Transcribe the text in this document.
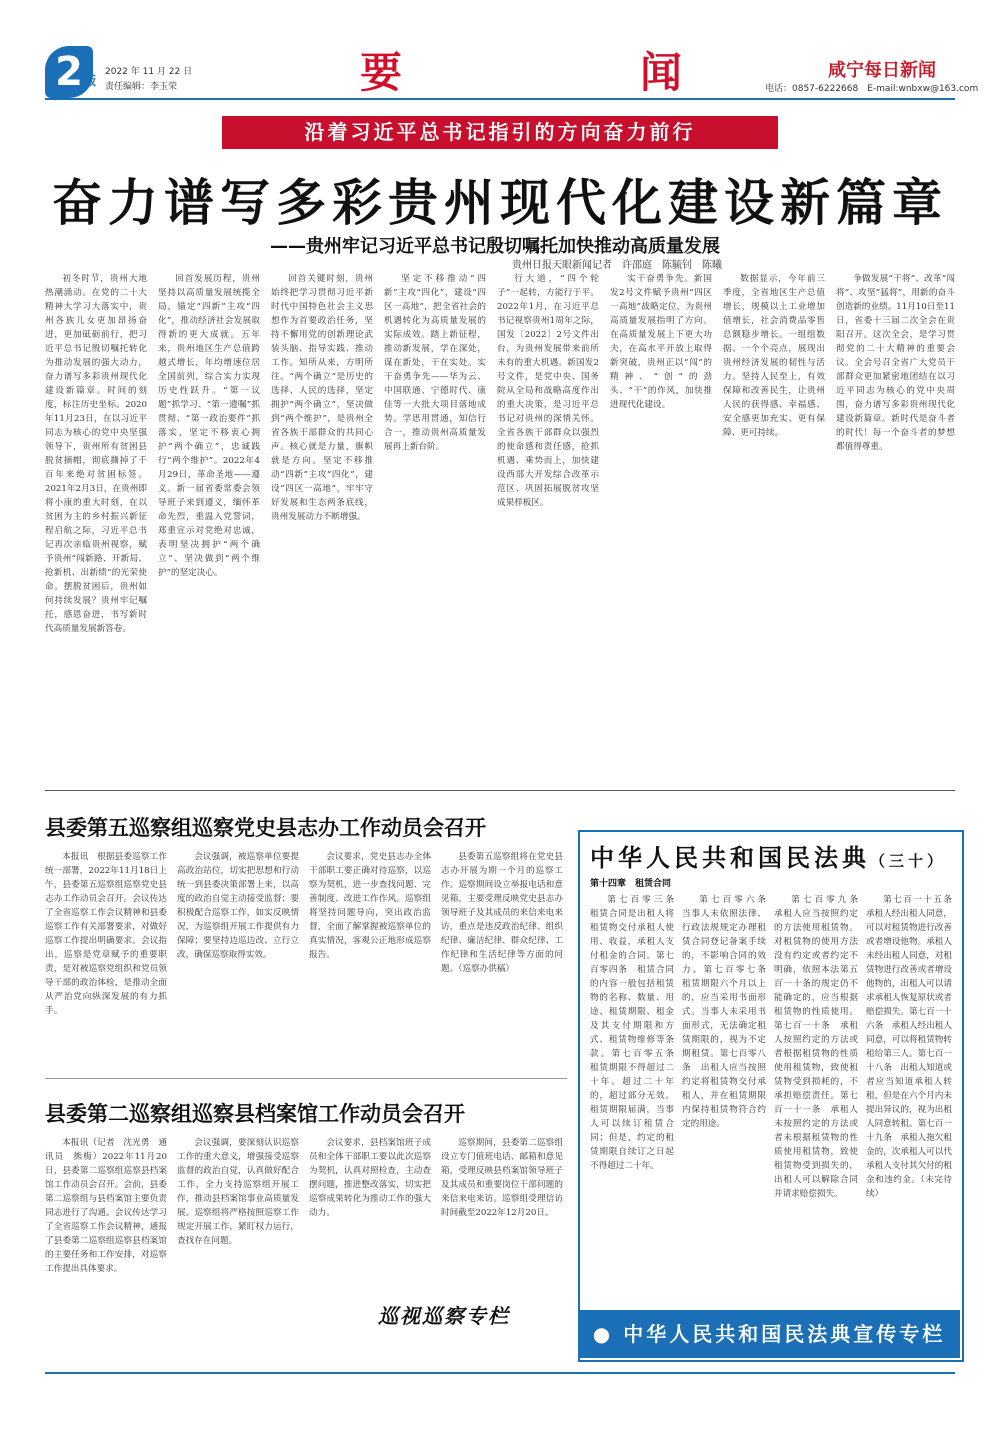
2 版
2022 年 11 月 22 日
责任编辑：李玉荣	要	闻	咸宁每日新闻
电话：0857-6222668　E-mail:wnbxw@163.com
沿着习近平总书记指引的方向奋力前行
奋力谱写多彩贵州现代化建设新篇章
——贵州牢记习近平总书记殷切嘱托加快推动高质量发展
贵州日报天眼新闻记者　许邵庭　陈毓钊　陈曦

初冬时节，贵州大地热潮涌动。在党的二十大精神大学习大落实中，贵州各族儿女更加昂扬奋进，更加砥砺前行，把习近平总书记殷切嘱托转化为推动发展的强大动力，奋力谱写多彩贵州现代化建设新篇章。时间的刻度，标注历史坐标。2020年11月23日，在以习近平同志为核心的党中央坚强领导下，贵州所有贫困县脱贫摘帽，彻底撕掉了千百年来绝对贫困标签。2021年2月3日，在贵州即将小康的重大时刻，在以贫困为主的乡村振兴新征程启航之际，习近平总书记再次亲临贵州视察，赋予贵州“闯新路、开新局、抢新机、出新绩”的光荣使命。摆脱贫困后，贵州如何持续发展？贵州牢记嘱托，感恩奋进，书写新时代高质量发展新答卷。

回首发展历程，贵州坚持以高质量发展统揽全局，锚定“四新”主攻“四化”，推动经济社会发展取得新的更大成就。五年来，贵州地区生产总值跨越式增长，年均增速位居全国前列，综合实力实现历史性跃升。“第一议题”抓学习、“第一遗嘱”抓贯彻、“第一政治要件”抓落实，坚定不移衷心拥护“两个确立”，忠诚践行“两个维护”。2022年4月29日，革命圣地——遵义。新一届省委常委会领导班子来到遵义，缅怀革命先烈，重温入党誓词，郑重宣示对党绝对忠诚，表明坚决拥护“两个确立”、坚决做到“两个维护”的坚定决心。

回首关键时刻，贵州始终把学习贯彻习近平新时代中国特色社会主义思想作为首要政治任务，坚持不懈用党的创新理论武装头脑、指导实践、推动工作。知所从来，方明所往。“两个确立”是历史的选择、人民的选择，坚定拥护“两个确立”，坚决做到“两个维护”，是贵州全省各族干部群众的共同心声。核心就是力量，旗帜就是方向。坚定不移推动“四新”主攻“四化”，建设“四区一高地”，牢牢守好发展和生态两条底线，贵州发展动力不断增强。

坚定不移推动“四新”主攻“四化”，建设“四区一高地”，把全省社会的机遇转化为高质量发展的实际成效。踏上新征程，推动新发展，学在深处，谋在新处，干在实处。实干奋勇争先——华为云、中国联通、宁德时代、康佳等一大批大项目落地成势。学思用贯通，知信行合一，推动贵州高质量发展再上新台阶。

行大道，“四个轮子”一起转，方能行于平。2022年1月，在习近平总书记视察贵州1周年之际，国发〔2022〕2号文件出台，为贵州发展带来前所未有的重大机遇。新国发2号文件，是党中央、国务院从全局和战略高度作出的重大决策，是习近平总书记对贵州的深情关怀。全省各族干部群众以强烈的使命感和责任感，抢抓机遇、乘势而上，加快建设西部大开发综合改革示范区、巩固拓展脱贫攻坚成果样板区。

实干奋勇争先。新国发2号文件赋予贵州“四区一高地”战略定位，为贵州高质量发展指明了方向。在高质量发展上下更大功夫，在高水平开放上取得新突破，贵州正以“闯”的精神、“创”的劲头、“干”的作风，加快推进现代化建设。

数据显示，今年前三季度，全省地区生产总值增长，规模以上工业增加值增长，社会消费品零售总额稳步增长。一组组数据、一个个亮点，展现出贵州经济发展的韧性与活力。坚持人民至上，有效保障和改善民生，让贵州人民的获得感、幸福感、安全感更加充实、更有保障、更可持续。

争做发展“干将”、改革“闯将”、攻坚“猛将”，用新的奋斗创造新的业绩。11月10日至11日，省委十三届二次全会在贵阳召开。这次全会，是学习贯彻党的二十大精神的重要会议。全会号召全省广大党员干部群众更加紧密地团结在以习近平同志为核心的党中央周围，奋力谱写多彩贵州现代化建设新篇章。新时代是奋斗者的时代！每一个奋斗者的梦想都值得尊重。

县委第五巡察组巡察党史县志办工作动员会召开

本报讯　根据县委巡察工作统一部署，2022年11月18日上午，县委第五巡察组巡察党史县志办工作动员会召开。会议传达了全省巡察工作会议精神和县委巡察工作有关部署要求，对做好巡察工作提出明确要求。会议指出，巡察是党章赋予的重要职责，是对被巡察党组织和党员领导干部的政治体检，是推动全面从严治党向纵深发展的有力抓手。

会议强调，被巡察单位要提高政治站位，切实把思想和行动统一到县委决策部署上来，以高度的政治自觉主动接受监督；要积极配合巡察工作，如实反映情况，为巡察组开展工作提供有力保障；要坚持边巡边改、立行立改，确保巡察取得实效。

会议要求，党史县志办全体干部职工要正确对待巡察，以巡察为契机，进一步查找问题、完善制度、改进工作作风。巡察组将坚持问题导向，突出政治监督，全面了解掌握被巡察单位的真实情况，客观公正地形成巡察报告。

县委第五巡察组将在党史县志办开展为期一个月的巡察工作。巡察期间设立举报电话和意见箱，主要受理反映党史县志办领导班子及其成员的来信来电来访，重点是违反政治纪律、组织纪律、廉洁纪律、群众纪律、工作纪律和生活纪律等方面的问题。（巡察办供稿）

县委第二巡察组巡察县档案馆工作动员会召开

本报讯（记者　沈光勇　通讯员　熊梅）2022年11月20日，县委第二巡察组巡察县档案馆工作动员会召开。会前，县委第二巡察组与县档案馆主要负责同志进行了沟通。会议传达学习了全省巡察工作会议精神，通报了县委第二巡察组巡察县档案馆的主要任务和工作安排，对巡察工作提出具体要求。

会议强调，要深刻认识巡察工作的重大意义，增强接受巡察监督的政治自觉，认真做好配合工作，全力支持巡察组开展工作，推动县档案馆事业高质量发展。巡察组将严格按照巡察工作规定开展工作，紧盯权力运行，查找存在问题。

会议要求，县档案馆班子成员和全体干部职工要以此次巡察为契机，认真对照检查，主动查摆问题，推进整改落实，切实把巡察成果转化为推动工作的强大动力。

巡察期间，县委第二巡察组设立专门值班电话、邮箱和意见箱，受理反映县档案馆领导班子及其成员和重要岗位干部问题的来信来电来访。巡察组受理信访时间截至2022年12月20日。

巡视巡察专栏
中华人民共和国民法典（三十）
第十四章　租赁合同

第七百零三条　租赁合同是出租人将租赁物交付承租人使用、收益，承租人支付租金的合同。第七百零四条　租赁合同的内容一般包括租赁物的名称、数量、用途、租赁期限、租金及其支付期限和方式、租赁物维修等条款。第七百零五条　租赁期限不得超过二十年。超过二十年的，超过部分无效。租赁期限届满，当事人可以续订租赁合同；但是，约定的租赁期限自续订之日起不得超过二十年。

第七百零六条　当事人未依照法律、行政法规规定办理租赁合同登记备案手续的，不影响合同的效力。第七百零七条　租赁期限六个月以上的，应当采用书面形式。当事人未采用书面形式，无法确定租赁期限的，视为不定期租赁。第七百零八条　出租人应当按照约定将租赁物交付承租人，并在租赁期限内保持租赁物符合约定的用途。

第七百零九条　承租人应当按照约定的方法使用租赁物。对租赁物的使用方法没有约定或者约定不明确，依照本法第五百一十条的规定仍不能确定的，应当根据租赁物的性质使用。第七百一十条　承租人按照约定的方法或者根据租赁物的性质使用租赁物，致使租赁物受到损耗的，不承担赔偿责任。第七百一十一条　承租人未按照约定的方法或者未根据租赁物的性质使用租赁物，致使租赁物受到损失的，出租人可以解除合同并请求赔偿损失。

第七百一十五条　承租人经出租人同意，可以对租赁物进行改善或者增设他物。承租人未经出租人同意，对租赁物进行改善或者增设他物的，出租人可以请求承租人恢复原状或者赔偿损失。第七百一十六条　承租人经出租人同意，可以将租赁物转租给第三人。第七百一十八条　出租人知道或者应当知道承租人转租，但是在六个月内未提出异议的，视为出租人同意转租。第七百一十九条　承租人拖欠租金的，次承租人可以代承租人支付其欠付的租金和违约金。（未完待续）

● 中华人民共和国民法典宣传专栏
